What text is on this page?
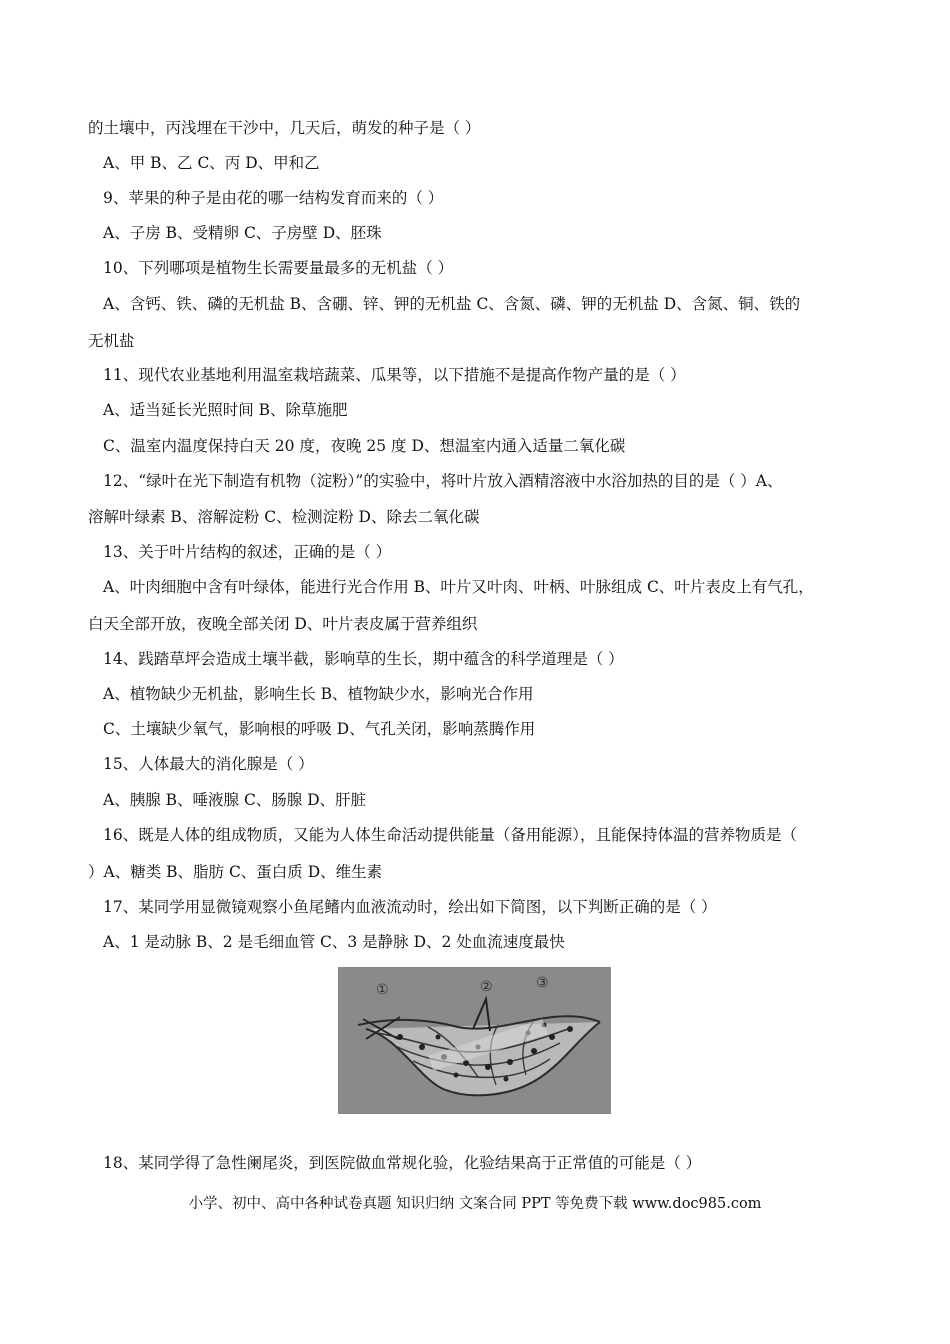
的土壤中，丙浅埋在干沙中，几天后，萌发的种子是（ ）
A、甲 B、乙 C、丙 D、甲和乙
9、苹果的种子是由花的哪一结构发育而来的（ ）
A、子房 B、受精卵 C、子房壁 D、胚珠
10、下列哪项是植物生长需要量最多的无机盐（ ）
A、含钙、铁、磷的无机盐 B、含硼、锌、钾的无机盐 C、含氮、磷、钾的无机盐 D、含氮、铜、铁的
无机盐
11、现代农业基地利用温室栽培蔬菜、瓜果等，以下措施不是提高作物产量的是（ ）
A、适当延长光照时间 B、除草施肥
C、温室内温度保持白天 20 度，夜晚 25 度 D、想温室内通入适量二氧化碳
12、“绿叶在光下制造有机物（淀粉）”的实验中，将叶片放入酒精溶液中水浴加热的目的是（ ）A、
溶解叶绿素 B、溶解淀粉 C、检测淀粉 D、除去二氧化碳
13、关于叶片结构的叙述，正确的是（ ）
A、叶肉细胞中含有叶绿体，能进行光合作用 B、叶片又叶肉、叶柄、叶脉组成 C、叶片表皮上有气孔，
白天全部开放，夜晚全部关闭 D、叶片表皮属于营养组织
14、践踏草坪会造成土壤半截，影响草的生长，期中蕴含的科学道理是（ ）
A、植物缺少无机盐，影响生长 B、植物缺少水，影响光合作用
C、土壤缺少氧气，影响根的呼吸 D、气孔关闭，影响蒸腾作用
15、人体最大的消化腺是（ ）
A、胰腺 B、唾液腺 C、肠腺 D、肝脏
16、既是人体的组成物质，又能为人体生命活动提供能量（备用能源），且能保持体温的营养物质是（
）A、糖类 B、脂肪 C、蛋白质 D、维生素
17、某同学用显微镜观察小鱼尾鳍内血液流动时，绘出如下简图，以下判断正确的是（ ）
A、1 是动脉 B、2 是毛细血管 C、3 是静脉 D、2 处血流速度最快
①	②	③
18、某同学得了急性阑尾炎，到医院做血常规化验，化验结果高于正常值的可能是（ ）
小学、初中、高中各种试卷真题 知识归纳 文案合同 PPT 等免费下载 www.doc985.com
